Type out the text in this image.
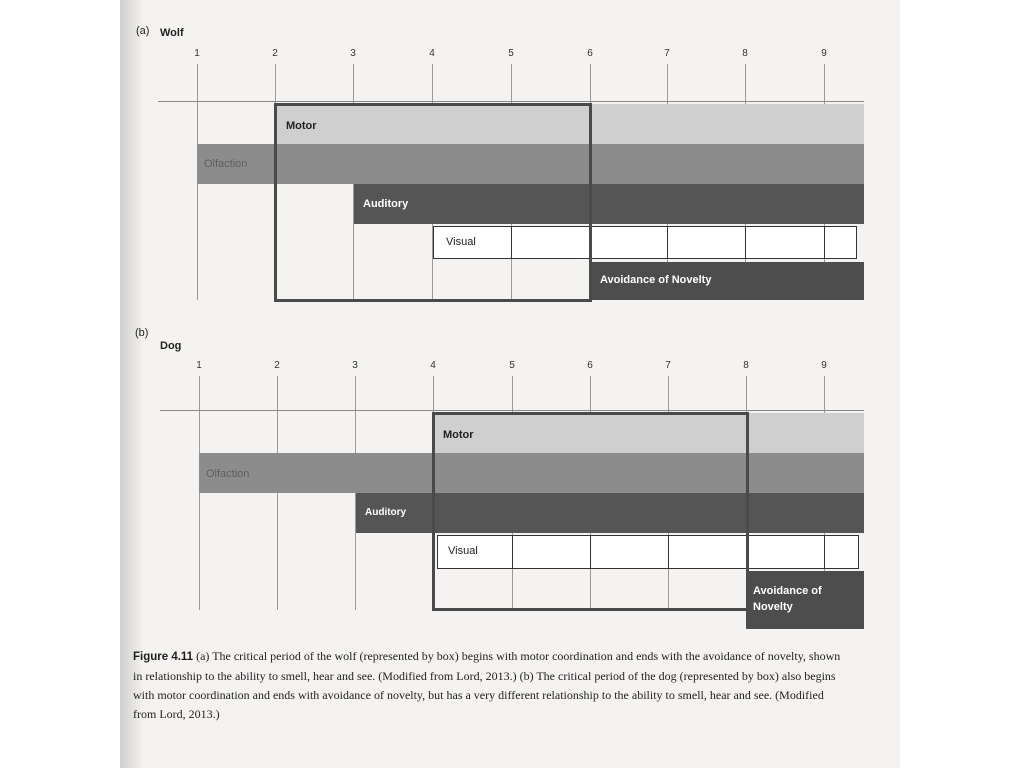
(a) Wolf
1	2	3	4	5	6	7	8	9
Motor
Olfaction
Auditory
Visual
Avoidance of Novelty
(b)
Dog
1	2	3	4	5	6	7	8	9
Motor
Olfaction
Auditory
Visual
Avoidance of
Novelty
Figure 4.11 (a) The critical period of the wolf (represented by box) begins with motor coordination and ends with the avoidance of novelty, shown in relationship to the ability to smell, hear and see. (Modified from Lord, 2013.) (b) The critical period of the dog (represented by box) also begins with motor coordination and ends with avoidance of novelty, but has a very different relationship to the ability to smell, hear and see. (Modified from Lord, 2013.)
